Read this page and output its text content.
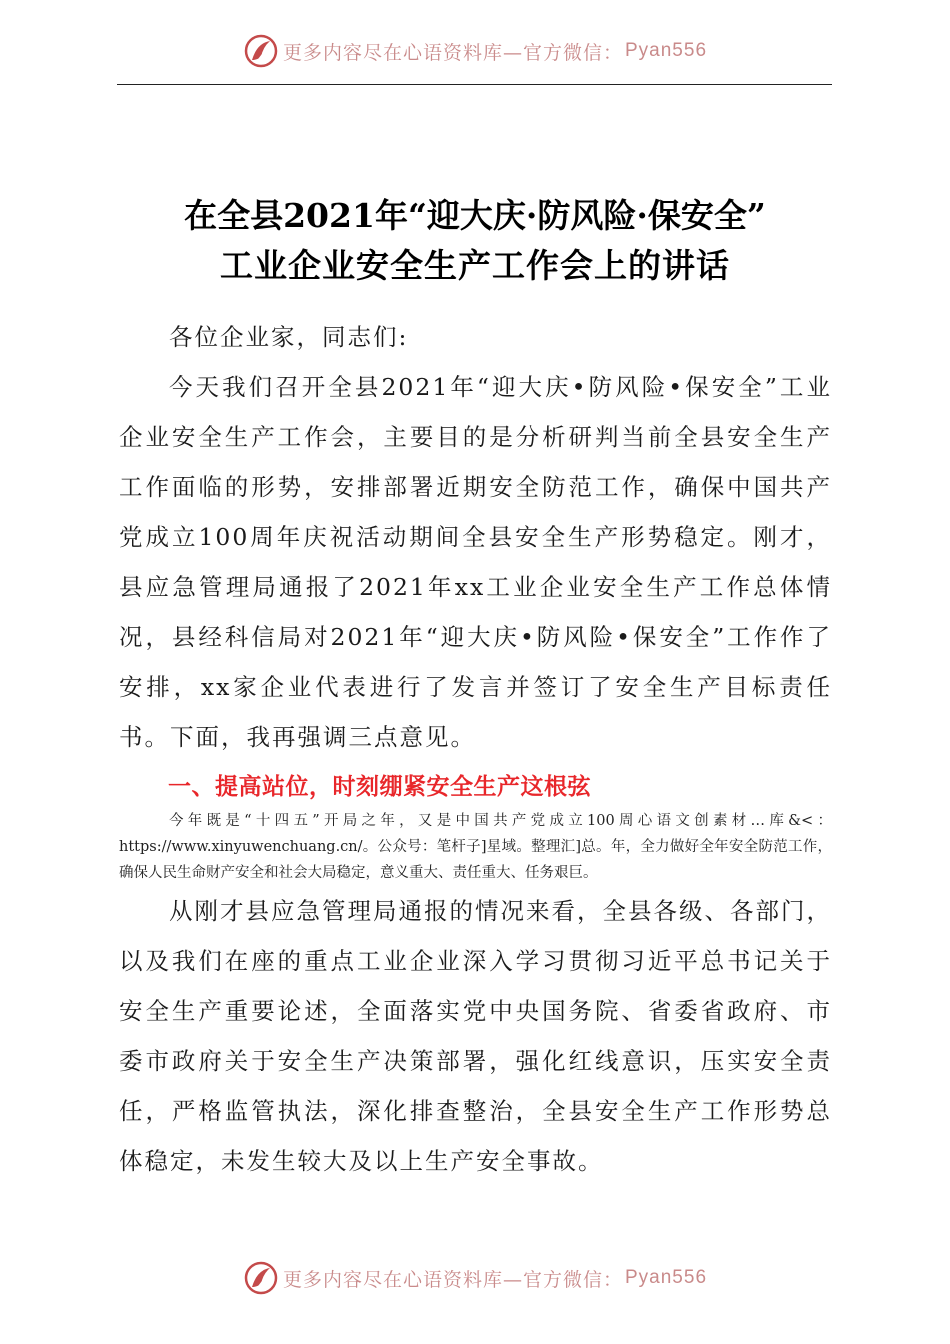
更多内容尽在心语资料库—官方微信： Pyan556
在全县2021年“迎大庆·防风险·保安全”
工业企业安全生产工作会上的讲话

各位企业家，同志们:

今天我们召开全县2021年“迎大庆•防风险•保安全”工业企业安全生产工作会，主要目的是分析研判当前全县安全生产工作面临的形势，安排部署近期安全防范工作，确保中国共产党成立100周年庆祝活动期间全县安全生产形势稳定。刚才，县应急管理局通报了2021年xx工业企业安全生产工作总体情况，县经科信局对2021年“迎大庆•防风险•保安全”工作作了安排，xx家企业代表进行了发言并签订了安全生产目标责任书。下面，我再强调三点意见。

一、提高站位，时刻绷紧安全生产这根弦

今年既是“十四五”开局之年，又是中国共产党成立100周心语文创素材…库&<：https://www.xinyuwenchuang.cn/。公众号：笔杆子]星域。整理汇]总。年，全力做好全年安全防范工作，确保人民生命财产安全和社会大局稳定，意义重大、责任重大、任务艰巨。

从刚才县应急管理局通报的情况来看，全县各级、各部门，以及我们在座的重点工业企业深入学习贯彻习近平总书记关于安全生产重要论述，全面落实党中央国务院、省委省政府、市委市政府关于安全生产决策部署，强化红线意识，压实安全责任，严格监管执法，深化排查整治，全县安全生产工作形势总体稳定，未发生较大及以上生产安全事故。

更多内容尽在心语资料库—官方微信： Pyan556
